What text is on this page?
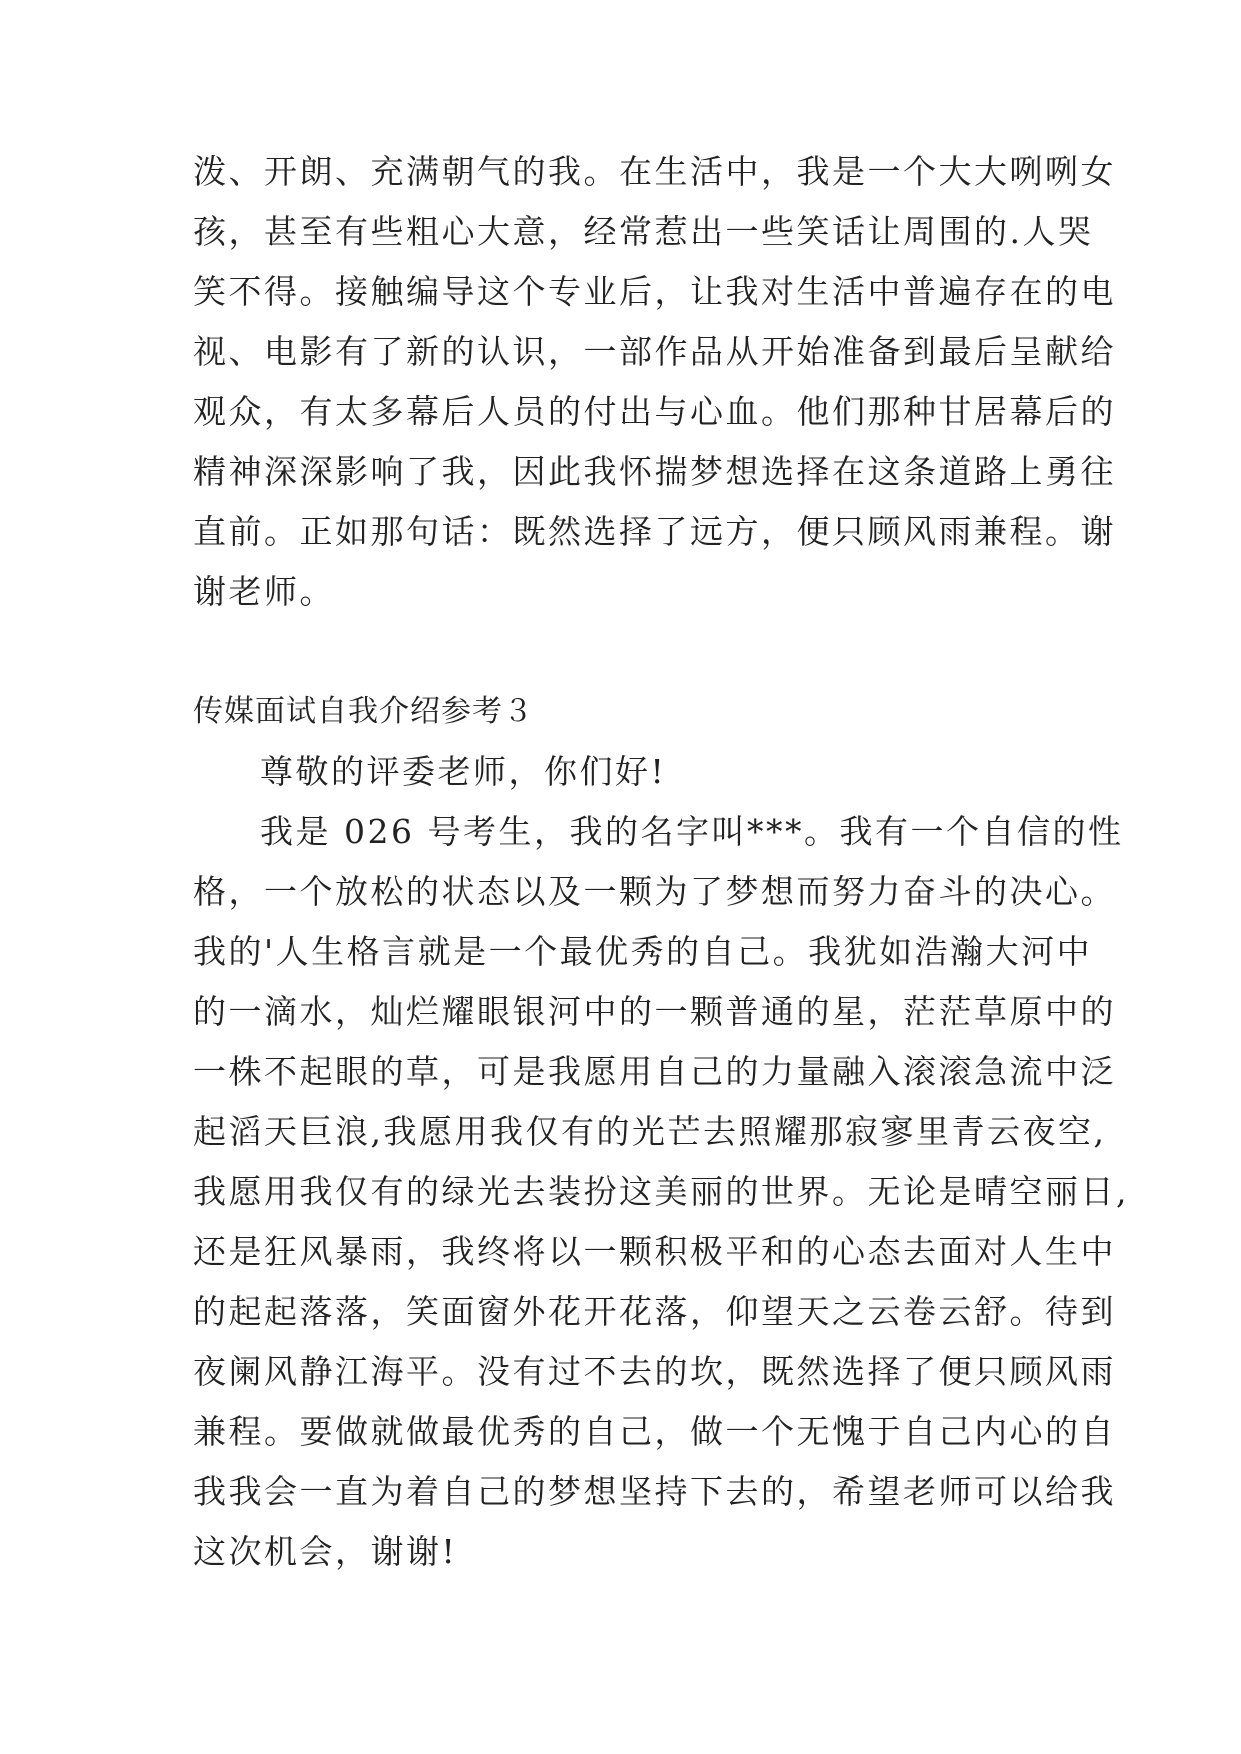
泼、开朗、充满朝气的我。在生活中，我是一个大大咧咧女
孩，甚至有些粗心大意，经常惹出一些笑话让周围的.人哭
笑不得。接触编导这个专业后，让我对生活中普遍存在的电
视、电影有了新的认识，一部作品从开始准备到最后呈献给
观众，有太多幕后人员的付出与心血。他们那种甘居幕后的
精神深深影响了我，因此我怀揣梦想选择在这条道路上勇往
直前。正如那句话：既然选择了远方，便只顾风雨兼程。谢
谢老师。
传媒面试自我介绍参考３
尊敬的评委老师，你们好!
我是 026 号考生，我的名字叫***。我有一个自信的性
格，一个放松的状态以及一颗为了梦想而努力奋斗的决心。
我的'人生格言就是一个最优秀的自己。我犹如浩瀚大河中
的一滴水，灿烂耀眼银河中的一颗普通的星，茫茫草原中的
一株不起眼的草，可是我愿用自己的力量融入滚滚急流中泛
起滔天巨浪,我愿用我仅有的光芒去照耀那寂寥里青云夜空,
我愿用我仅有的绿光去装扮这美丽的世界。无论是晴空丽日,
还是狂风暴雨，我终将以一颗积极平和的心态去面对人生中
的起起落落，笑面窗外花开花落，仰望天之云卷云舒。待到
夜阑风静江海平。没有过不去的坎，既然选择了便只顾风雨
兼程。要做就做最优秀的自己，做一个无愧于自己内心的自
我我会一直为着自己的梦想坚持下去的，希望老师可以给我
这次机会，谢谢!
